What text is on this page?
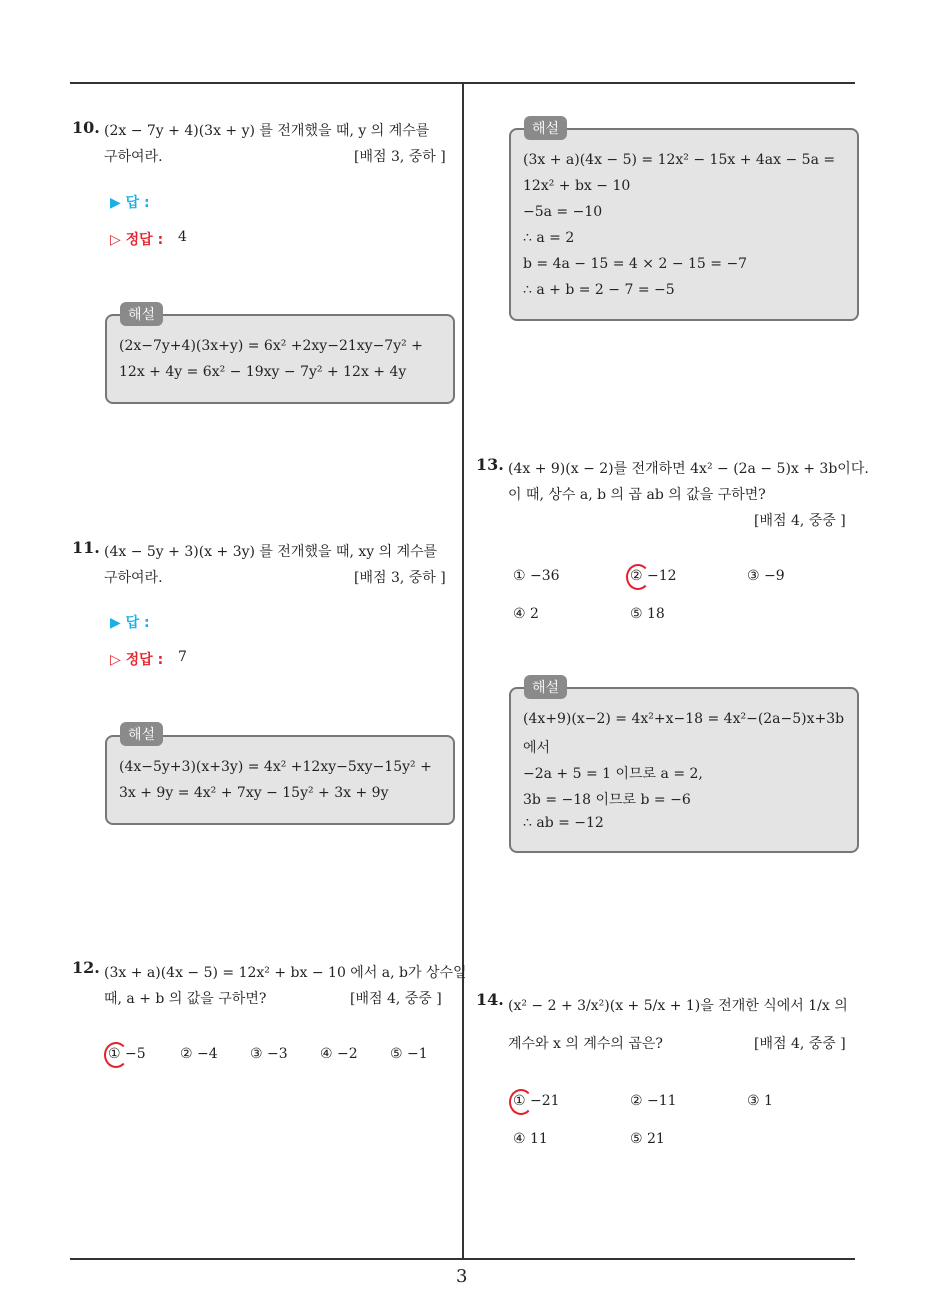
3
10. (2x − 7y + 4)(3x + y) 를 전개했을 때, y 의 계수를
구하여라.	[배점 3, 중하 ]
▶ 답 :
▷ 정답 : 4
(2x−7y+4)(3x+y) = 6x² +2xy−21xy−7y² +
12x + 4y = 6x² − 19xy − 7y² + 12x + 4y
해설
11. (4x − 5y + 3)(x + 3y) 를 전개했을 때, xy 의 계수를
구하여라.	[배점 3, 중하 ]
▶ 답 :
▷ 정답 : 7
(4x−5y+3)(x+3y) = 4x² +12xy−5xy−15y² +
3x + 9y = 4x² + 7xy − 15y² + 3x + 9y
해설
12. (3x + a)(4x − 5) = 12x² + bx − 10 에서 a, b가 상수일
때, a + b 의 값을 구하면?	[배점 4, 중중 ]
① −5 ② −4 ③ −3 ④ −2 ⑤ −1
(3x + a)(4x − 5) = 12x² − 15x + 4ax − 5a =
12x² + bx − 10
−5a = −10
∴ a = 2
b = 4a − 15 = 4 × 2 − 15 = −7
∴ a + b = 2 − 7 = −5
해설
13. (4x + 9)(x − 2)를 전개하면 4x² − (2a − 5)x + 3b이다.
이 때, 상수 a, b 의 곱 ab 의 값을 구하면?
[배점 4, 중중 ]
① −36	② −12	③ −9
④ 2	⑤ 18
(4x+9)(x−2) = 4x²+x−18 = 4x²−(2a−5)x+3b
에서
−2a + 5 = 1 이므로 a = 2,
3b = −18 이므로 b = −6
∴ ab = −12
해설
14. (x² − 2 + 3/x²)(x + 5/x + 1)을 전개한 식에서 1/x 의
계수와 x 의 계수의 곱은?	[배점 4, 중중 ]
① −21	② −11	③ 1
④ 11	⑤ 21
